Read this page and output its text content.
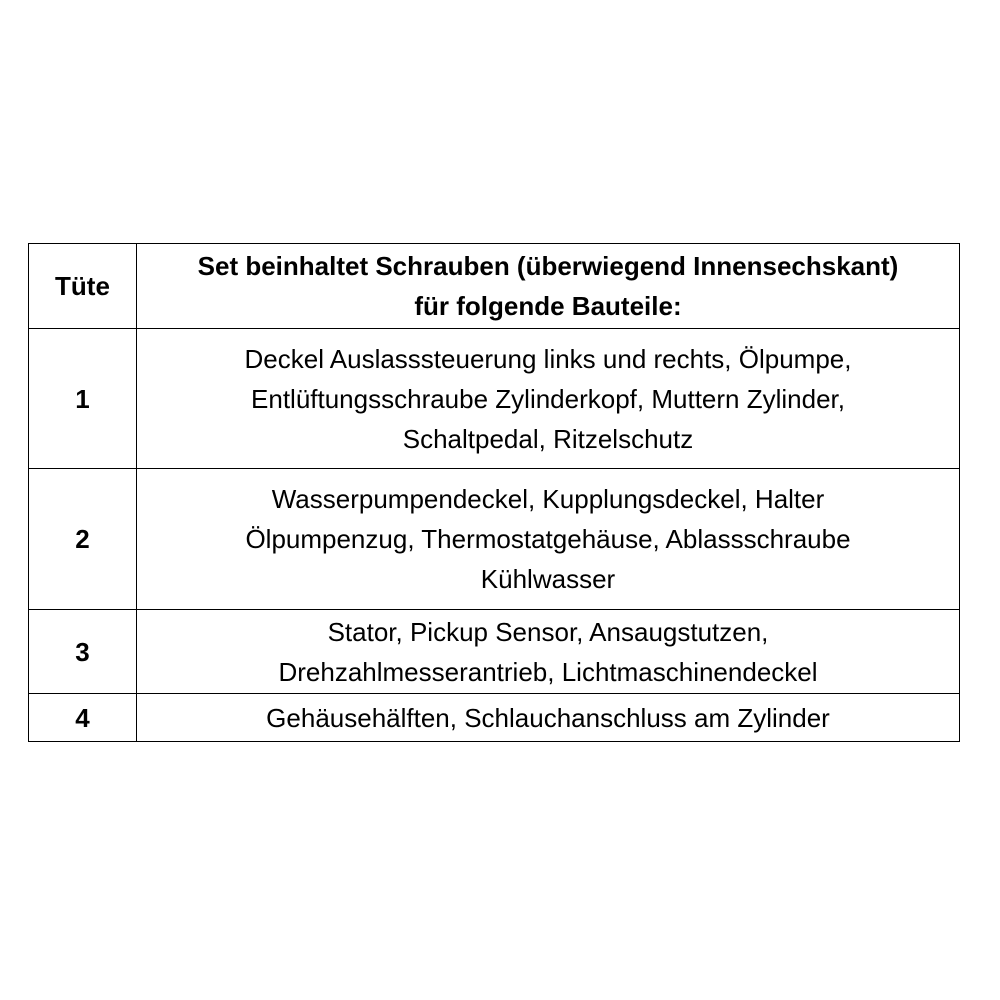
Tüte	Set beinhaltet Schrauben (überwiegend Innensechskant)
für folgende Bauteile:

1	Deckel Auslasssteuerung links und rechts, Ölpumpe,
Entlüftungsschraube Zylinderkopf, Muttern Zylinder,
Schaltpedal, Ritzelschutz

2	Wasserpumpendeckel, Kupplungsdeckel, Halter
Ölpumpenzug, Thermostatgehäuse, Ablassschraube
Kühlwasser

3	Stator, Pickup Sensor, Ansaugstutzen,
Drehzahlmesserantrieb, Lichtmaschinendeckel

4	Gehäusehälften, Schlauchanschluss am Zylinder
